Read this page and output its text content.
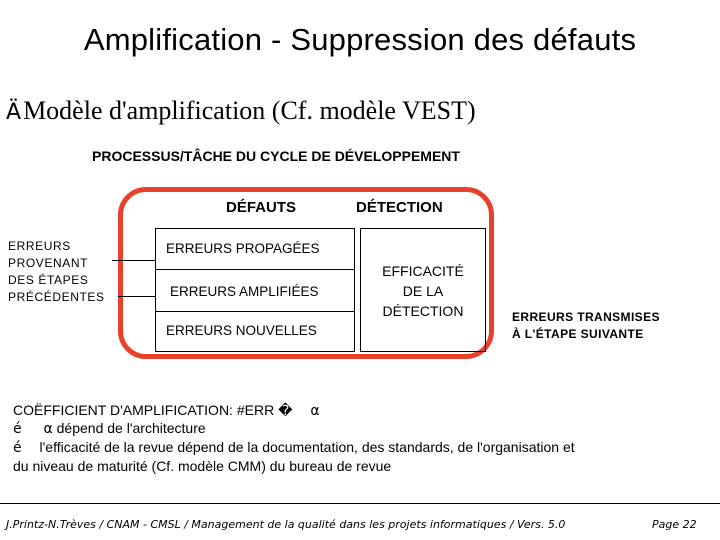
Amplification - Suppression des défauts
ÄModèle d'amplification (Cf. modèle VEST)
PROCESSUS/TÂCHE DU CYCLE DE DÉVELOPPEMENT
DÉFAUTS	DÉTECTION
ERREURS
PROVENANT
DES ÉTAPES
PRÉCÉDENTES
ERREURS PROPAGÉES
ERREURS AMPLIFIÉES
ERREURS NOUVELLES
EFFICACITÉ
DE LA
DÉTECTION	ERREURS TRANSMISES
À L'ÉTAPE SUIVANTE
COËFFICIENT D'AMPLIFICATION: #ERR � α
é α dépend de l'architecture
é l'efficacité de la revue dépend de la documentation, des standards, de l'organisation et
du niveau de maturité (Cf. modèle CMM) du bureau de revue
J.Printz-N.Trèves / CNAM - CMSL / Management de la qualité dans les projets informatiques / Vers. 5.0	Page 22
